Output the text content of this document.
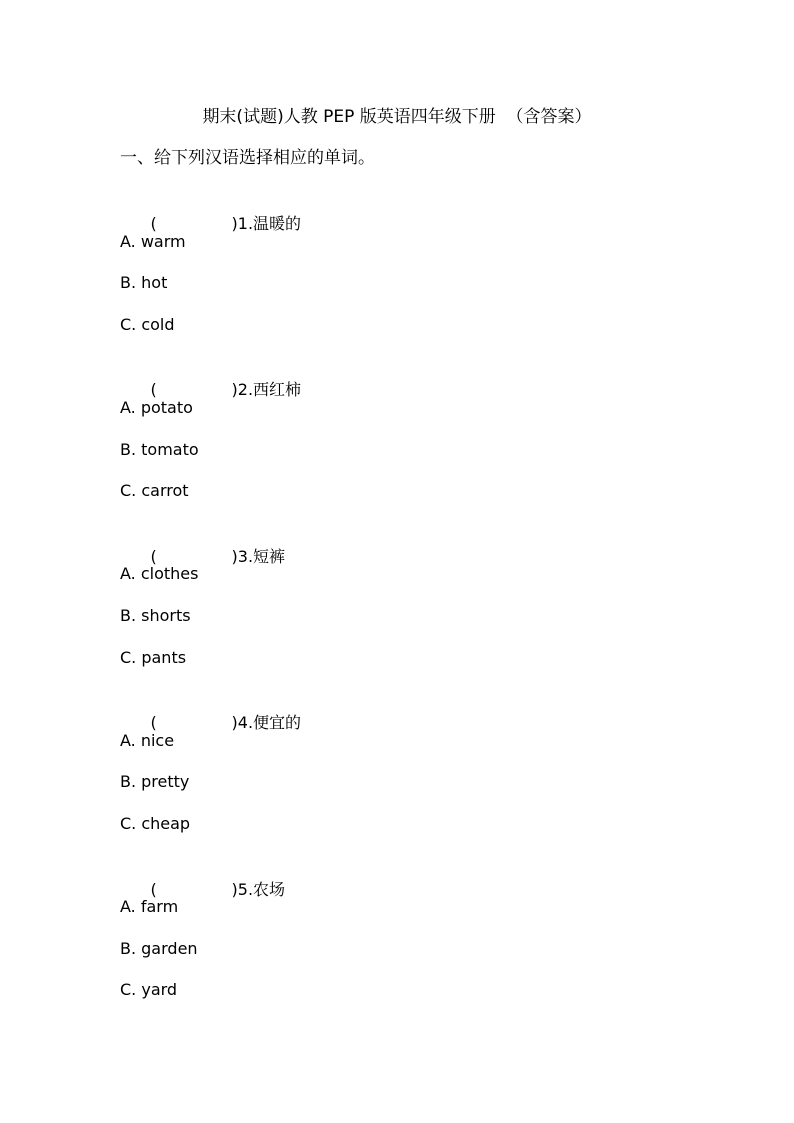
期末(试题)人教 PEP 版英语四年级下册  （含答案）
一、给下列汉语选择相应的单词。

(	)1.温暖的

A. warm
B. hot
C. cold

(	)2.西红柿

A. potato
B. tomato
C. carrot

(	)3.短裤

A. clothes
B. shorts
C. pants

(	)4.便宜的

A. nice
B. pretty
C. cheap

(	)5.农场

A. farm
B. garden
C. yard
